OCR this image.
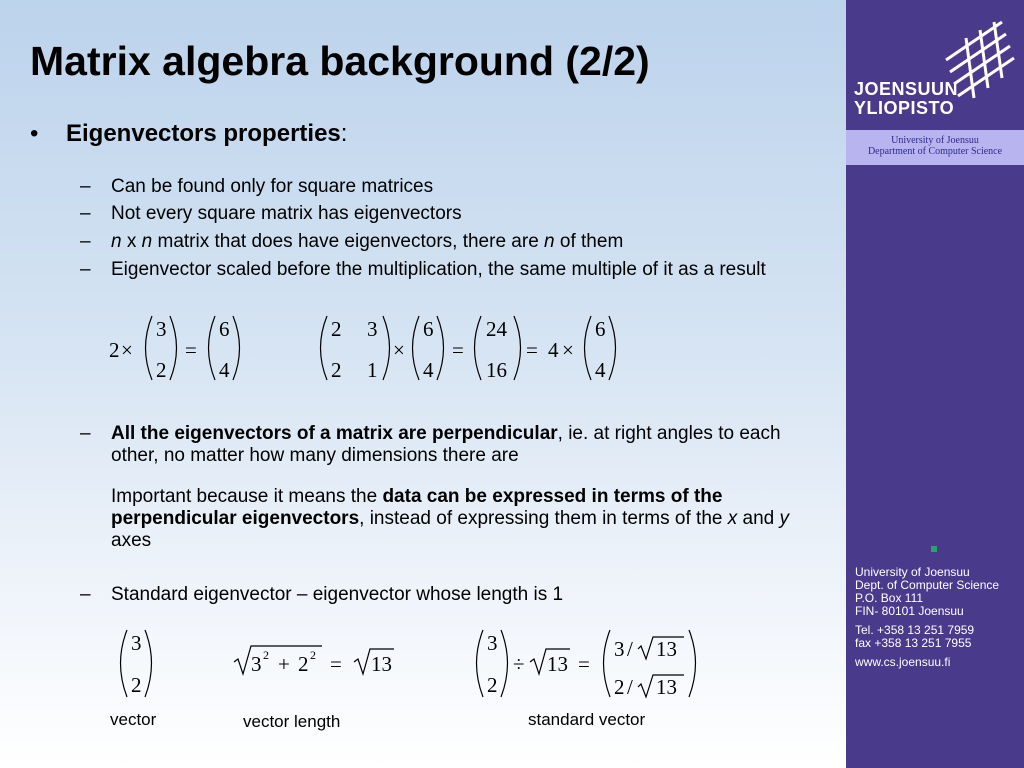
Matrix algebra background (2/2)
• Eigenvectors properties:
–	Can be found only for square matrices
–	Not every square matrix has eigenvectors
–	n x n matrix that does have eigenvectors, there are n of them
–	Eigenvector scaled before the multiplication, the same multiple of it as a result
–	All the eigenvectors of a matrix are perpendicular, ie. at right angles to each other, no matter how many dimensions there are
Important because it means the data can be expressed in terms of the perpendicular eigenvectors, instead of expressing them in terms of the x and y axes
–	Standard eigenvector – eigenvector whose length is 1
2 ×
3
2
=
6
4
2 3
2 1
×
6
4
=
24
16
= 4 ×
6
4
3
2
3 2 + 2 2 = 13
3
2
÷ 13 =
3 / 13
2 / 13
vector	vector length	standard vector
JOENSUUN
YLIOPISTO
University of Joensuu
Department of Computer Science
University of Joensuu
Dept. of Computer Science
P.O. Box 111
FIN- 80101 Joensuu
Tel. +358 13 251 7959
fax +358 13 251 7955
www.cs.joensuu.fi
